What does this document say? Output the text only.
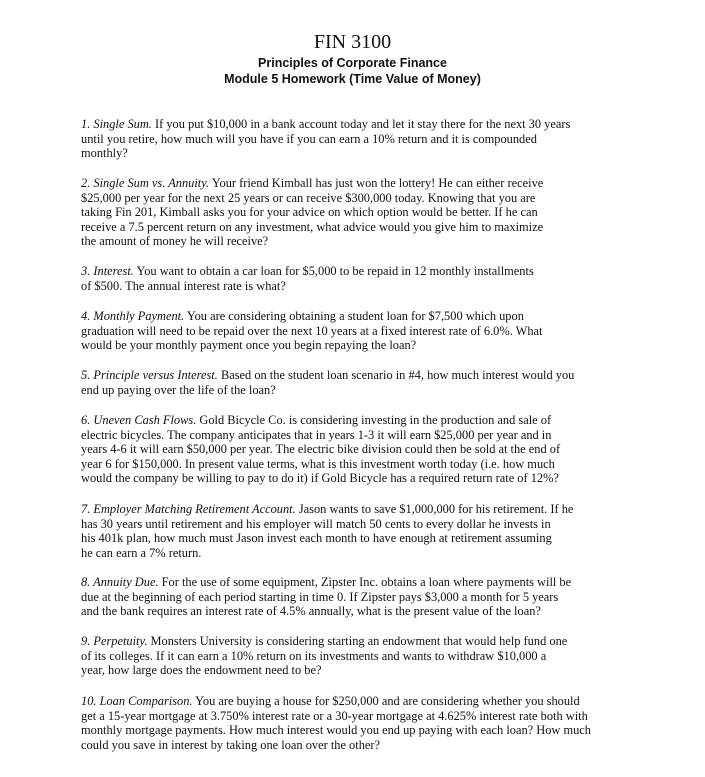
FIN 3100
Principles of Corporate Finance
Module 5 Homework (Time Value of Money)

1. Single Sum. If you put $10,000 in a bank account today and let it stay there for the next 30 years
until you retire, how much will you have if you can earn a 10% return and it is compounded
monthly?

2. Single Sum vs. Annuity. Your friend Kimball has just won the lottery! He can either receive
$25,000 per year for the next 25 years or can receive $300,000 today. Knowing that you are
taking Fin 201, Kimball asks you for your advice on which option would be better. If he can
receive a 7.5 percent return on any investment, what advice would you give him to maximize
the amount of money he will receive?

3. Interest. You want to obtain a car loan for $5,000 to be repaid in 12 monthly installments
of $500. The annual interest rate is what?

4. Monthly Payment. You are considering obtaining a student loan for $7,500 which upon
graduation will need to be repaid over the next 10 years at a fixed interest rate of 6.0%. What
would be your monthly payment once you begin repaying the loan?

5. Principle versus Interest. Based on the student loan scenario in #4, how much interest would you
end up paying over the life of the loan?

6. Uneven Cash Flows. Gold Bicycle Co. is considering investing in the production and sale of
electric bicycles. The company anticipates that in years 1-3 it will earn $25,000 per year and in
years 4-6 it will earn $50,000 per year. The electric bike division could then be sold at the end of
year 6 for $150,000. In present value terms, what is this investment worth today (i.e. how much
would the company be willing to pay to do it) if Gold Bicycle has a required return rate of 12%?

7. Employer Matching Retirement Account. Jason wants to save $1,000,000 for his retirement. If he
has 30 years until retirement and his employer will match 50 cents to every dollar he invests in
his 401k plan, how much must Jason invest each month to have enough at retirement assuming
he can earn a 7% return.

8. Annuity Due. For the use of some equipment, Zipster Inc. obtains a loan where payments will be
due at the beginning of each period starting in time 0. If Zipster pays $3,000 a month for 5 years
and the bank requires an interest rate of 4.5% annually, what is the present value of the loan?

9. Perpetuity. Monsters University is considering starting an endowment that would help fund one
of its colleges. If it can earn a 10% return on its investments and wants to withdraw $10,000 a
year, how large does the endowment need to be?

10. Loan Comparison. You are buying a house for $250,000 and are considering whether you should
get a 15-year mortgage at 3.750% interest rate or a 30-year mortgage at 4.625% interest rate both with
monthly mortgage payments. How much interest would you end up paying with each loan? How much
could you save in interest by taking one loan over the other?
